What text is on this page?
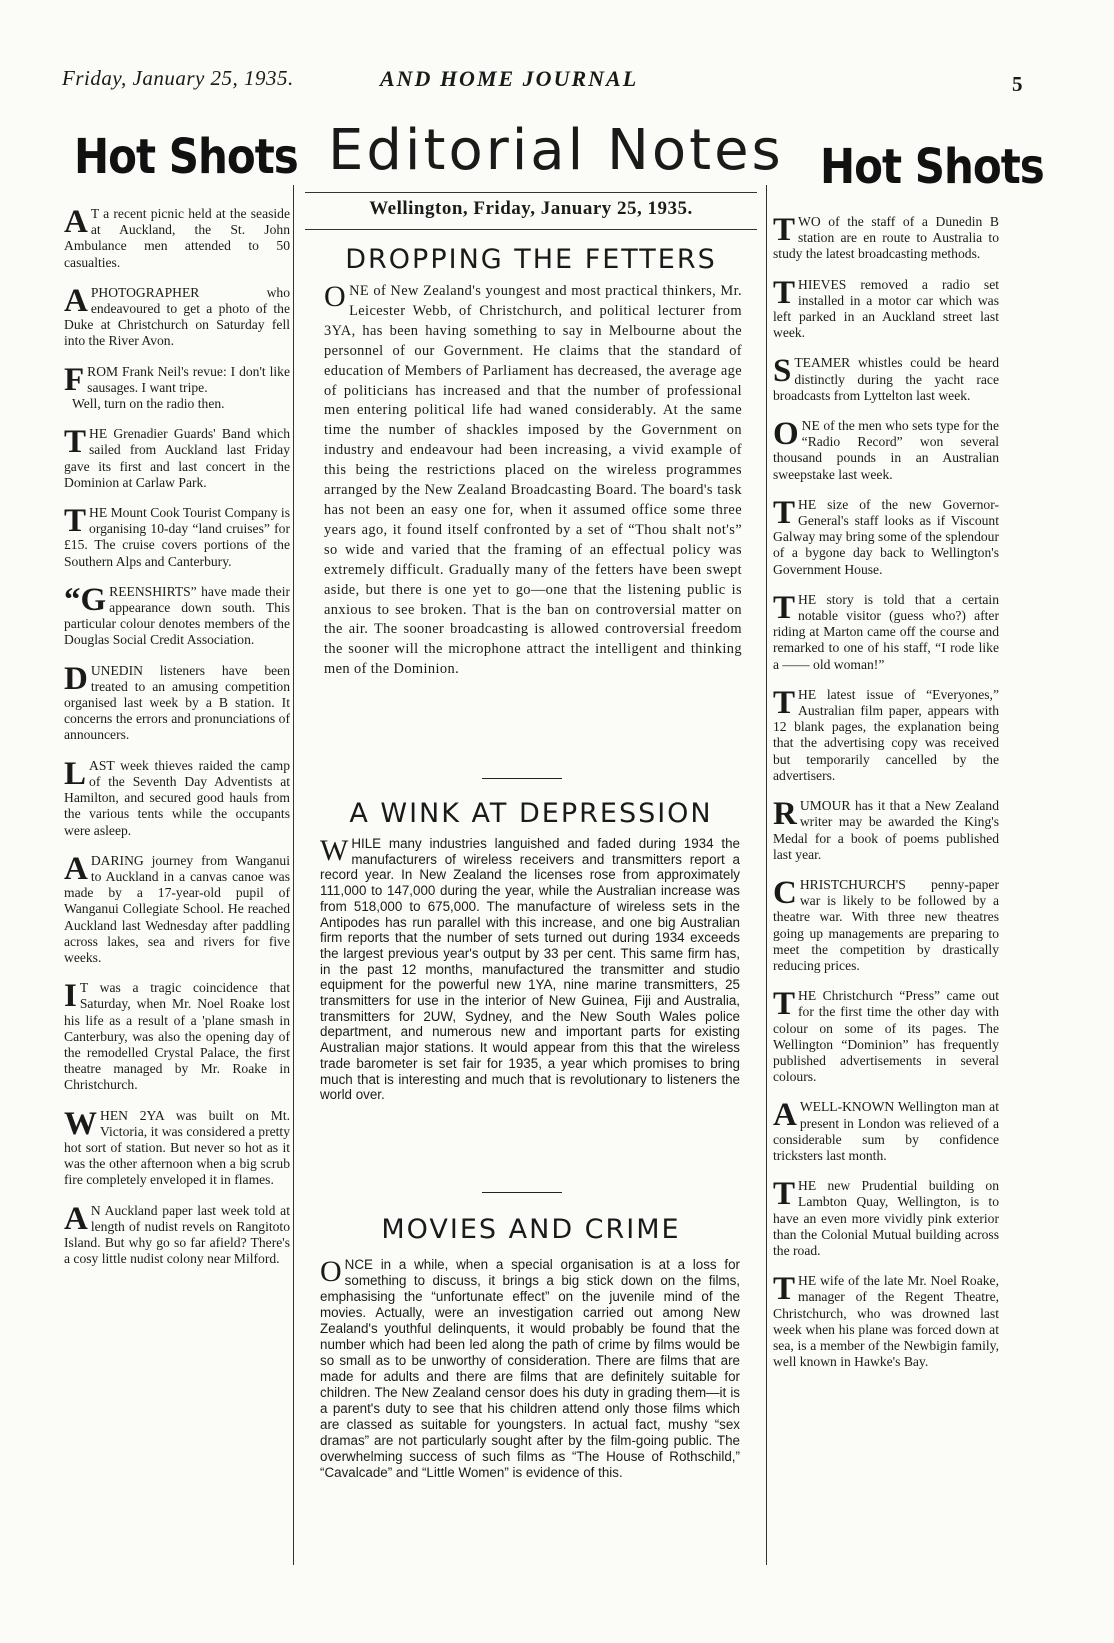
Friday, January 25, 1935.	AND HOME JOURNAL	5
Hot Shots

AT a recent picnic held at the seaside at Auckland, the St. John Ambulance men attended to 50 casualties.

APHOTOGRAPHER who endeavoured to get a photo of the Duke at Christchurch on Saturday fell into the River Avon.

FROM Frank Neil's revue: I don't like sausages. I want tripe.
Well, turn on the radio then.

THE Grenadier Guards' Band which sailed from Auckland last Friday gave its first and last concert in the Dominion at Carlaw Park.

THE Mount Cook Tourist Company is organising 10-day “land cruises” for £15. The cruise covers portions of the Southern Alps and Canterbury.

“GREENSHIRTS” have made their appearance down south. This particular colour denotes members of the Douglas Social Credit Association.

DUNEDIN listeners have been treated to an amusing competition organised last week by a B station. It concerns the errors and pronunciations of announcers.

LAST week thieves raided the camp of the Seventh Day Adventists at Hamilton, and secured good hauls from the various tents while the occupants were asleep.

ADARING journey from Wanganui to Auckland in a canvas canoe was made by a 17-year-old pupil of Wanganui Collegiate School. He reached Auckland last Wednesday after paddling across lakes, sea and rivers for five weeks.

IT was a tragic coincidence that Saturday, when Mr. Noel Roake lost his life as a result of a 'plane smash in Canterbury, was also the opening day of the remodelled Crystal Palace, the first theatre managed by Mr. Roake in Christchurch.

WHEN 2YA was built on Mt. Victoria, it was considered a pretty hot sort of station. But never so hot as it was the other afternoon when a big scrub fire completely enveloped it in flames.

AN Auckland paper last week told at length of nudist revels on Rangitoto Island. But why go so far afield? There's a cosy little nudist colony near Milford.

Editorial Notes
Wellington, Friday, January 25, 1935.
DROPPING THE FETTERS

ONE of New Zealand's youngest and most practical thinkers, Mr. Leicester Webb, of Christchurch, and political lecturer from 3YA, has been having something to say in Melbourne about the personnel of our Government. He claims that the standard of education of Members of Parliament has decreased, the average age of politicians has increased and that the number of professional men entering political life had waned considerably. At the same time the number of shackles imposed by the Government on industry and endeavour had been increasing, a vivid example of this being the restrictions placed on the wireless programmes arranged by the New Zealand Broadcasting Board. The board's task has not been an easy one for, when it assumed office some three years ago, it found itself confronted by a set of “Thou shalt not's” so wide and varied that the framing of an effectual policy was extremely difficult. Gradually many of the fetters have been swept aside, but there is one yet to go—one that the listening public is anxious to see broken. That is the ban on controversial matter on the air. The sooner broadcasting is allowed controversial freedom the sooner will the microphone attract the intelligent and thinking men of the Dominion.

A WINK AT DEPRESSION

WHILE many industries languished and faded during 1934 the manufacturers of wireless receivers and transmitters report a record year. In New Zealand the licenses rose from approximately 111,000 to 147,000 during the year, while the Australian increase was from 518,000 to 675,000. The manufacture of wireless sets in the Antipodes has run parallel with this increase, and one big Australian firm reports that the number of sets turned out during 1934 exceeds the largest previous year's output by 33 per cent. This same firm has, in the past 12 months, manufactured the transmitter and studio equipment for the powerful new 1YA, nine marine transmitters, 25 transmitters for use in the interior of New Guinea, Fiji and Australia, transmitters for 2UW, Sydney, and the New South Wales police department, and numerous new and important parts for existing Australian major stations. It would appear from this that the wireless trade barometer is set fair for 1935, a year which promises to bring much that is interesting and much that is revolutionary to listeners the world over.

MOVIES AND CRIME

ONCE in a while, when a special organisation is at a loss for something to discuss, it brings a big stick down on the films, emphasising the “unfortunate effect” on the juvenile mind of the movies. Actually, were an investigation carried out among New Zealand's youthful delinquents, it would probably be found that the number which had been led along the path of crime by films would be so small as to be unworthy of consideration. There are films that are made for adults and there are films that are definitely suitable for children. The New Zealand censor does his duty in grading them—it is a parent's duty to see that his children attend only those films which are classed as suitable for youngsters. In actual fact, mushy “sex dramas” are not particularly sought after by the film-going public. The overwhelming success of such films as “The House of Rothschild,” “Cavalcade” and “Little Women” is evidence of this.

Hot Shots

TWO of the staff of a Dunedin B station are en route to Australia to study the latest broadcasting methods.

THIEVES removed a radio set installed in a motor car which was left parked in an Auckland street last week.

STEAMER whistles could be heard distinctly during the yacht race broadcasts from Lyttelton last week.

ONE of the men who sets type for the “Radio Record” won several thousand pounds in an Australian sweepstake last week.

THE size of the new Governor-General's staff looks as if Viscount Galway may bring some of the splendour of a bygone day back to Wellington's Government House.

THE story is told that a certain notable visitor (guess who?) after riding at Marton came off the course and remarked to one of his staff, “I rode like a —— old woman!”

THE latest issue of “Everyones,” Australian film paper, appears with 12 blank pages, the explanation being that the advertising copy was received but temporarily cancelled by the advertisers.

RUMOUR has it that a New Zealand writer may be awarded the King's Medal for a book of poems published last year.

CHRISTCHURCH'S penny-paper war is likely to be followed by a theatre war. With three new theatres going up managements are preparing to meet the competition by drastically reducing prices.

THE Christchurch “Press” came out for the first time the other day with colour on some of its pages. The Wellington “Dominion” has frequently published advertisements in several colours.

AWELL-KNOWN Wellington man at present in London was relieved of a considerable sum by confidence tricksters last month.

THE new Prudential building on Lambton Quay, Wellington, is to have an even more vividly pink exterior than the Colonial Mutual building across the road.

THE wife of the late Mr. Noel Roake, manager of the Regent Theatre, Christchurch, who was drowned last week when his plane was forced down at sea, is a member of the Newbigin family, well known in Hawke's Bay.
